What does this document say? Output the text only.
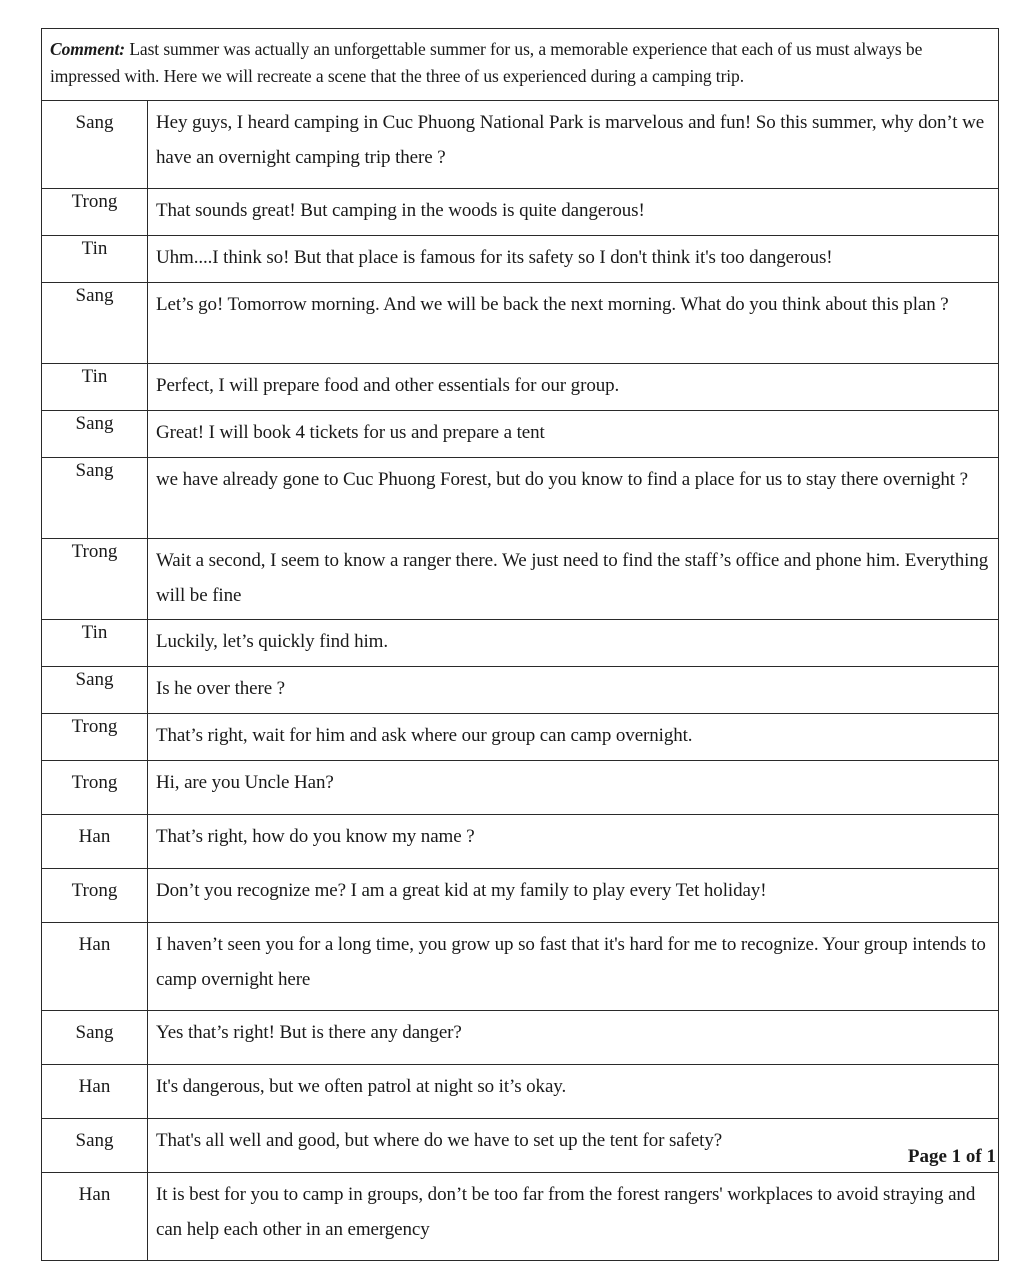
Comment: Last summer was actually an unforgettable summer for us, a memorable experience that each of us must always be impressed with. Here we will recreate a scene that the three of us experienced during a camping trip.	
Sang	Hey guys, I heard camping in Cuc Phuong National Park is marvelous and fun! So this summer, why don’t we have an overnight camping trip there ?
Trong	That sounds great! But camping in the woods is quite dangerous!
Tin	Uhm....I think so! But that place is famous for its safety so I don't think it's too dangerous!
Sang	Let’s go! Tomorrow morning. And we will be back the next morning. What do you think about this plan ?
Tin	Perfect, I will prepare food and other essentials for our group.
Sang	Great! I will book 4 tickets for us and prepare a tent
Sang	we have already gone to Cuc Phuong Forest, but do you know to find a place for us to stay there overnight ?
Trong	Wait a second, I seem to know a ranger there. We just need to find the staff’s office and phone him. Everything will be fine
Tin	Luckily, let’s quickly find him.
Sang	Is he over there ?
Trong	That’s right, wait for him and ask where our group can camp overnight.
Trong	Hi, are you Uncle Han?
Han	That’s right, how do you know my name ?
Trong	Don’t you recognize me? I am a great kid at my family to play every Tet holiday!
Han	I haven’t seen you for a long time, you grow up so fast that it's hard for me to recognize. Your group intends to camp overnight here
Sang	Yes that’s right! But is there any danger?
Han	It's dangerous, but we often patrol at night so it’s okay.
Sang	That's all well and good, but where do we have to set up the tent for safety?
Han	It is best for you to camp in groups, don’t be too far from the forest rangers' workplaces to avoid straying and can help each other in an emergency
Page 1 of 1
